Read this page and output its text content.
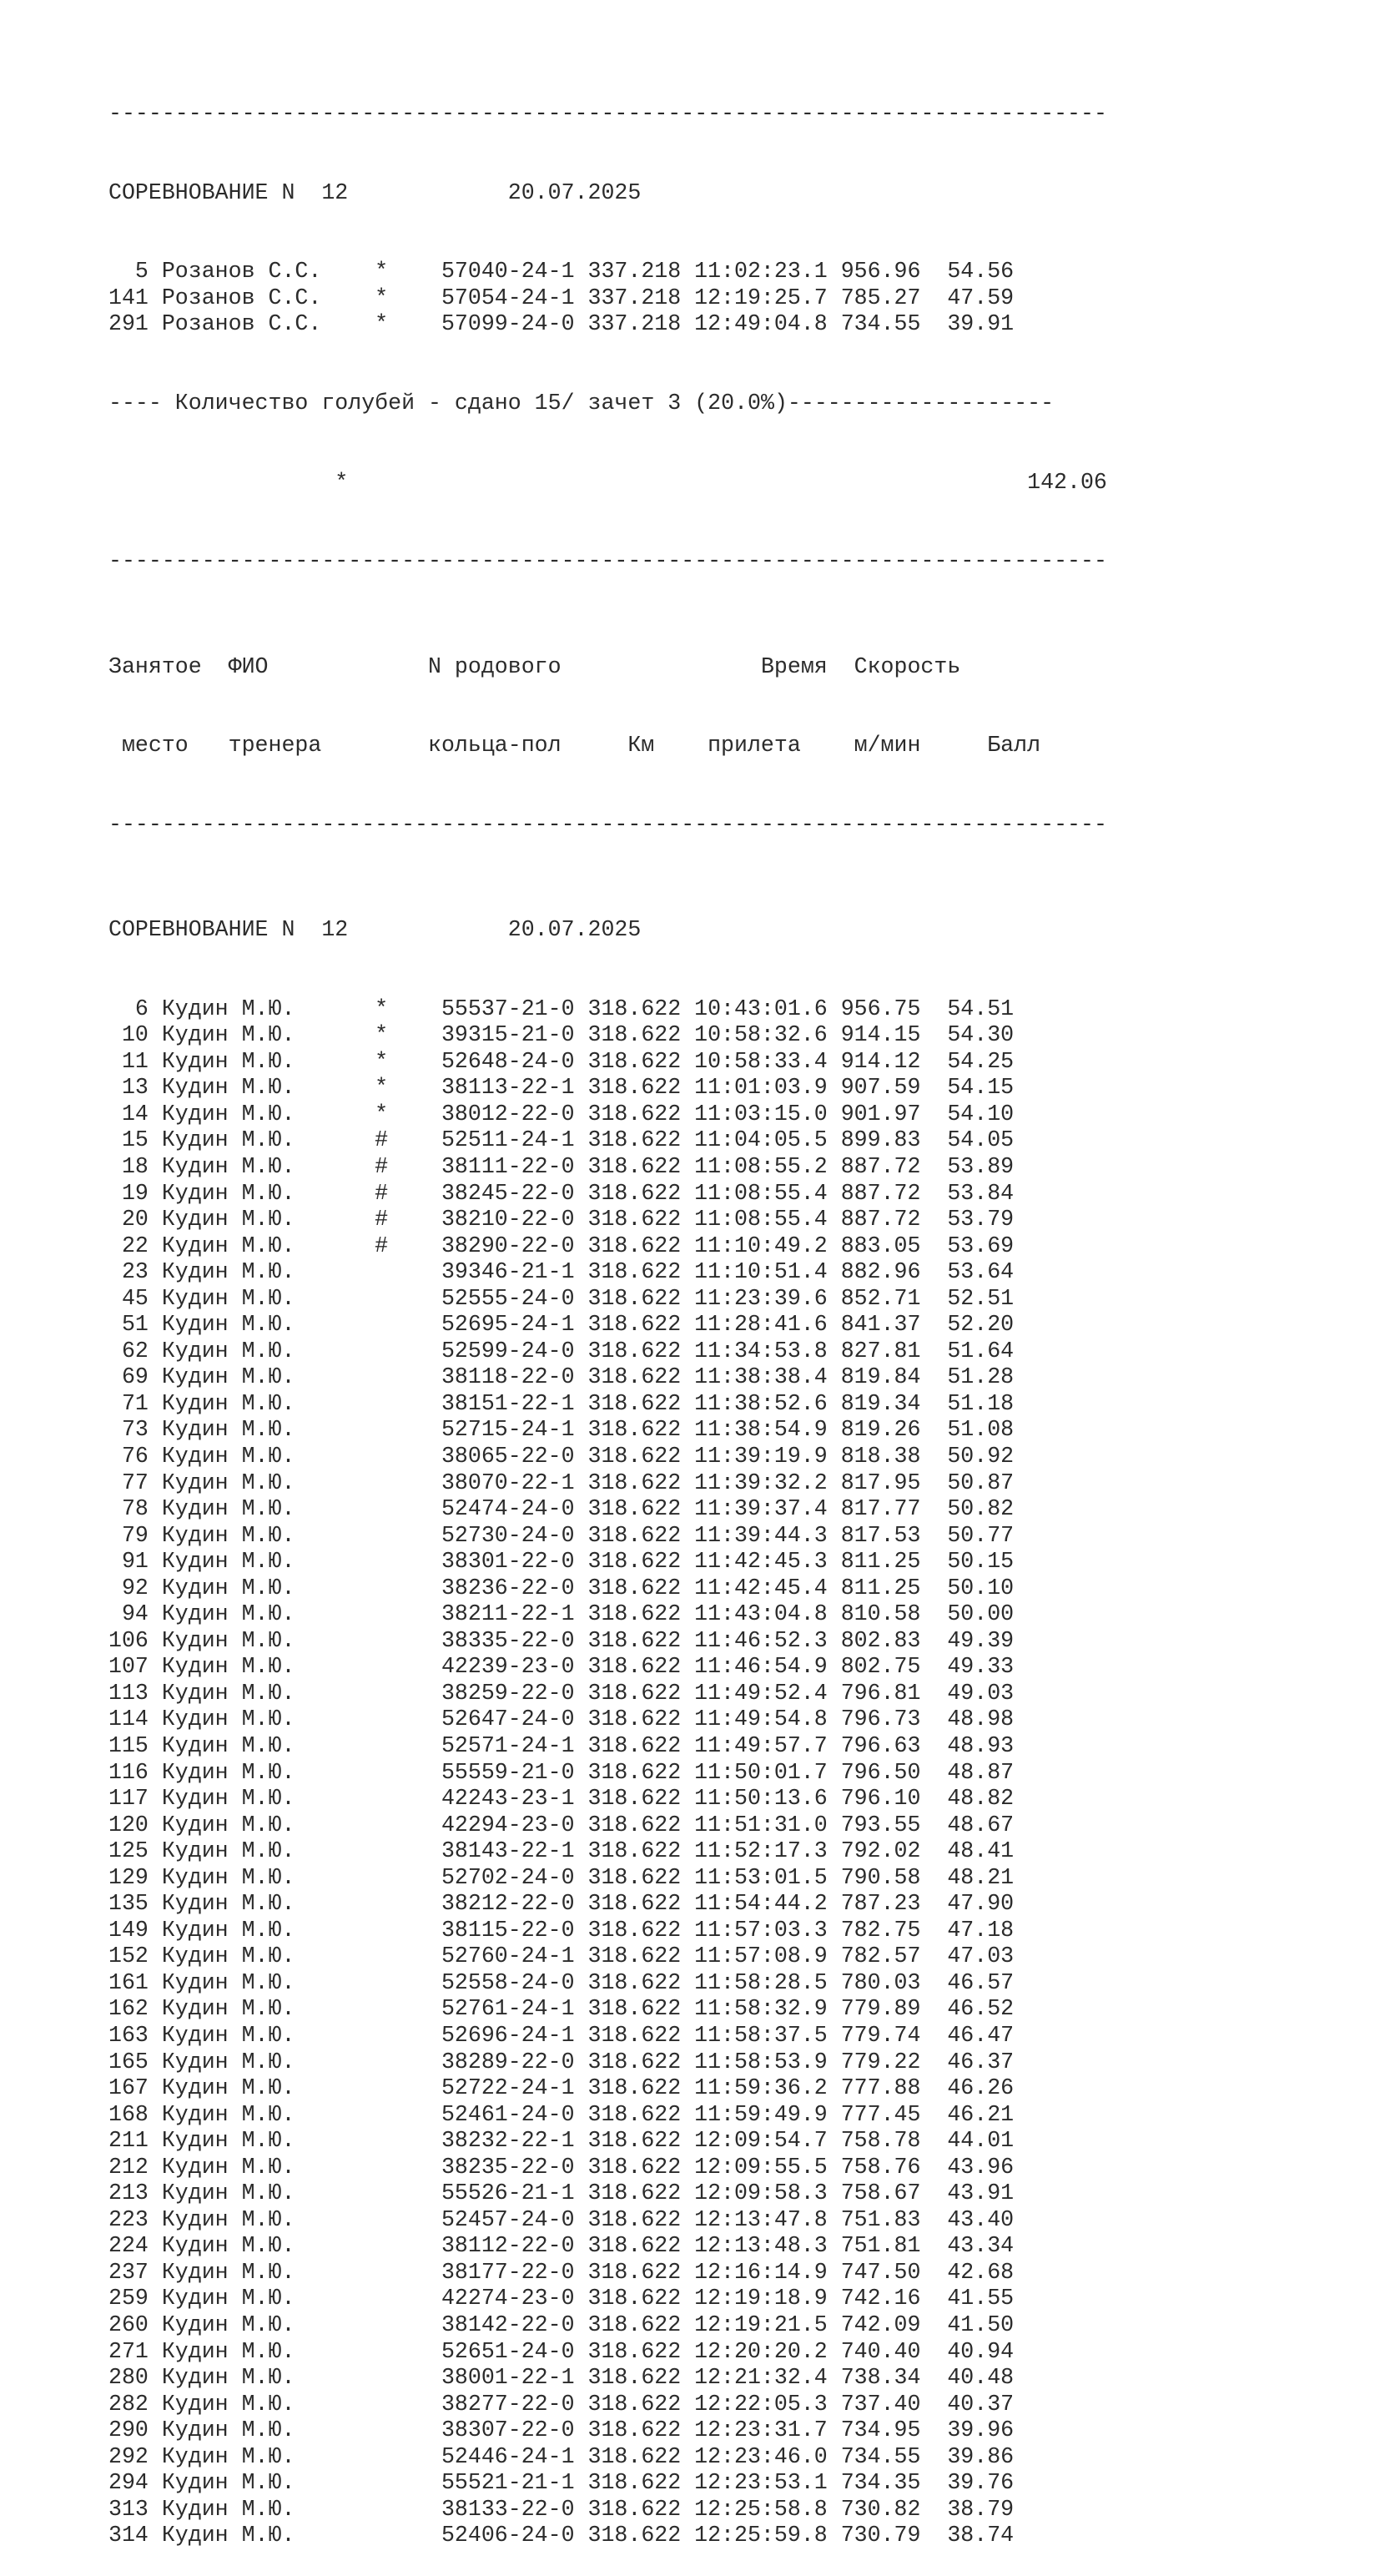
---------------------------------------------------------------------------

СОРЕВНОВАНИЕ N  12	20.07.2025

5 Розанов С.С. * 57040-24-1 337.218 11:02:23.1 956.96 54.56
141 Розанов С.С. * 57054-24-1 337.218 12:19:25.7 785.27 47.59
291 Розанов С.С. * 57099-24-0 337.218 12:49:04.8 734.55 39.91

---- Количество голубей - сдано 15/ зачет 3 (20.0%)--------------------

*	142.06

---------------------------------------------------------------------------

Занятое ФИО	N родового	Время Скорость

место тренера	кольца-пол	Км прилета м/мин	Балл

---------------------------------------------------------------------------

СОРЕВНОВАНИЕ N  12	20.07.2025

6 Кудин М.Ю.	* 55537-21-0 318.622 10:43:01.6 956.75 54.51
10 Кудин М.Ю.	* 39315-21-0 318.622 10:58:32.6 914.15 54.30
11 Кудин М.Ю.	* 52648-24-0 318.622 10:58:33.4 914.12 54.25
13 Кудин М.Ю.	* 38113-22-1 318.622 11:01:03.9 907.59 54.15
14 Кудин М.Ю.	* 38012-22-0 318.622 11:03:15.0 901.97 54.10
15 Кудин М.Ю.	# 52511-24-1 318.622 11:04:05.5 899.83 54.05
18 Кудин М.Ю.	# 38111-22-0 318.622 11:08:55.2 887.72 53.89
19 Кудин М.Ю.	# 38245-22-0 318.622 11:08:55.4 887.72 53.84
20 Кудин М.Ю.	# 38210-22-0 318.622 11:08:55.4 887.72 53.79
22 Кудин М.Ю.	# 38290-22-0 318.622 11:10:49.2 883.05 53.69
23 Кудин М.Ю.	39346-21-1 318.622 11:10:51.4 882.96 53.64
45 Кудин М.Ю.	52555-24-0 318.622 11:23:39.6 852.71 52.51
51 Кудин М.Ю.	52695-24-1 318.622 11:28:41.6 841.37 52.20
62 Кудин М.Ю.	52599-24-0 318.622 11:34:53.8 827.81 51.64
69 Кудин М.Ю.	38118-22-0 318.622 11:38:38.4 819.84 51.28
71 Кудин М.Ю.	38151-22-1 318.622 11:38:52.6 819.34 51.18
73 Кудин М.Ю.	52715-24-1 318.622 11:38:54.9 819.26 51.08
76 Кудин М.Ю.	38065-22-0 318.622 11:39:19.9 818.38 50.92
77 Кудин М.Ю.	38070-22-1 318.622 11:39:32.2 817.95 50.87
78 Кудин М.Ю.	52474-24-0 318.622 11:39:37.4 817.77 50.82
79 Кудин М.Ю.	52730-24-0 318.622 11:39:44.3 817.53 50.77
91 Кудин М.Ю.	38301-22-0 318.622 11:42:45.3 811.25 50.15
92 Кудин М.Ю.	38236-22-0 318.622 11:42:45.4 811.25 50.10
94 Кудин М.Ю.	38211-22-1 318.622 11:43:04.8 810.58 50.00
106 Кудин М.Ю.	38335-22-0 318.622 11:46:52.3 802.83 49.39
107 Кудин М.Ю.	42239-23-0 318.622 11:46:54.9 802.75 49.33
113 Кудин М.Ю.	38259-22-0 318.622 11:49:52.4 796.81 49.03
114 Кудин М.Ю.	52647-24-0 318.622 11:49:54.8 796.73 48.98
115 Кудин М.Ю.	52571-24-1 318.622 11:49:57.7 796.63 48.93
116 Кудин М.Ю.	55559-21-0 318.622 11:50:01.7 796.50 48.87
117 Кудин М.Ю.	42243-23-1 318.622 11:50:13.6 796.10 48.82
120 Кудин М.Ю.	42294-23-0 318.622 11:51:31.0 793.55 48.67
125 Кудин М.Ю.	38143-22-1 318.622 11:52:17.3 792.02 48.41
129 Кудин М.Ю.	52702-24-0 318.622 11:53:01.5 790.58 48.21
135 Кудин М.Ю.	38212-22-0 318.622 11:54:44.2 787.23 47.90
149 Кудин М.Ю.	38115-22-0 318.622 11:57:03.3 782.75 47.18
152 Кудин М.Ю.	52760-24-1 318.622 11:57:08.9 782.57 47.03
161 Кудин М.Ю.	52558-24-0 318.622 11:58:28.5 780.03 46.57
162 Кудин М.Ю.	52761-24-1 318.622 11:58:32.9 779.89 46.52
163 Кудин М.Ю.	52696-24-1 318.622 11:58:37.5 779.74 46.47
165 Кудин М.Ю.	38289-22-0 318.622 11:58:53.9 779.22 46.37
167 Кудин М.Ю.	52722-24-1 318.622 11:59:36.2 777.88 46.26
168 Кудин М.Ю.	52461-24-0 318.622 11:59:49.9 777.45 46.21
211 Кудин М.Ю.	38232-22-1 318.622 12:09:54.7 758.78 44.01
212 Кудин М.Ю.	38235-22-0 318.622 12:09:55.5 758.76 43.96
213 Кудин М.Ю.	55526-21-1 318.622 12:09:58.3 758.67 43.91
223 Кудин М.Ю.	52457-24-0 318.622 12:13:47.8 751.83 43.40
224 Кудин М.Ю.	38112-22-0 318.622 12:13:48.3 751.81 43.34
237 Кудин М.Ю.	38177-22-0 318.622 12:16:14.9 747.50 42.68
259 Кудин М.Ю.	42274-23-0 318.622 12:19:18.9 742.16 41.55
260 Кудин М.Ю.	38142-22-0 318.622 12:19:21.5 742.09 41.50
271 Кудин М.Ю.	52651-24-0 318.622 12:20:20.2 740.40 40.94
280 Кудин М.Ю.	38001-22-1 318.622 12:21:32.4 738.34 40.48
282 Кудин М.Ю.	38277-22-0 318.622 12:22:05.3 737.40 40.37
290 Кудин М.Ю.	38307-22-0 318.622 12:23:31.7 734.95 39.96
292 Кудин М.Ю.	52446-24-1 318.622 12:23:46.0 734.55 39.86
294 Кудин М.Ю.	55521-21-1 318.622 12:23:53.1 734.35 39.76
313 Кудин М.Ю.	38133-22-0 318.622 12:25:58.8 730.82 38.79
314 Кудин М.Ю.	52406-24-0 318.622 12:25:59.8 730.79 38.74
